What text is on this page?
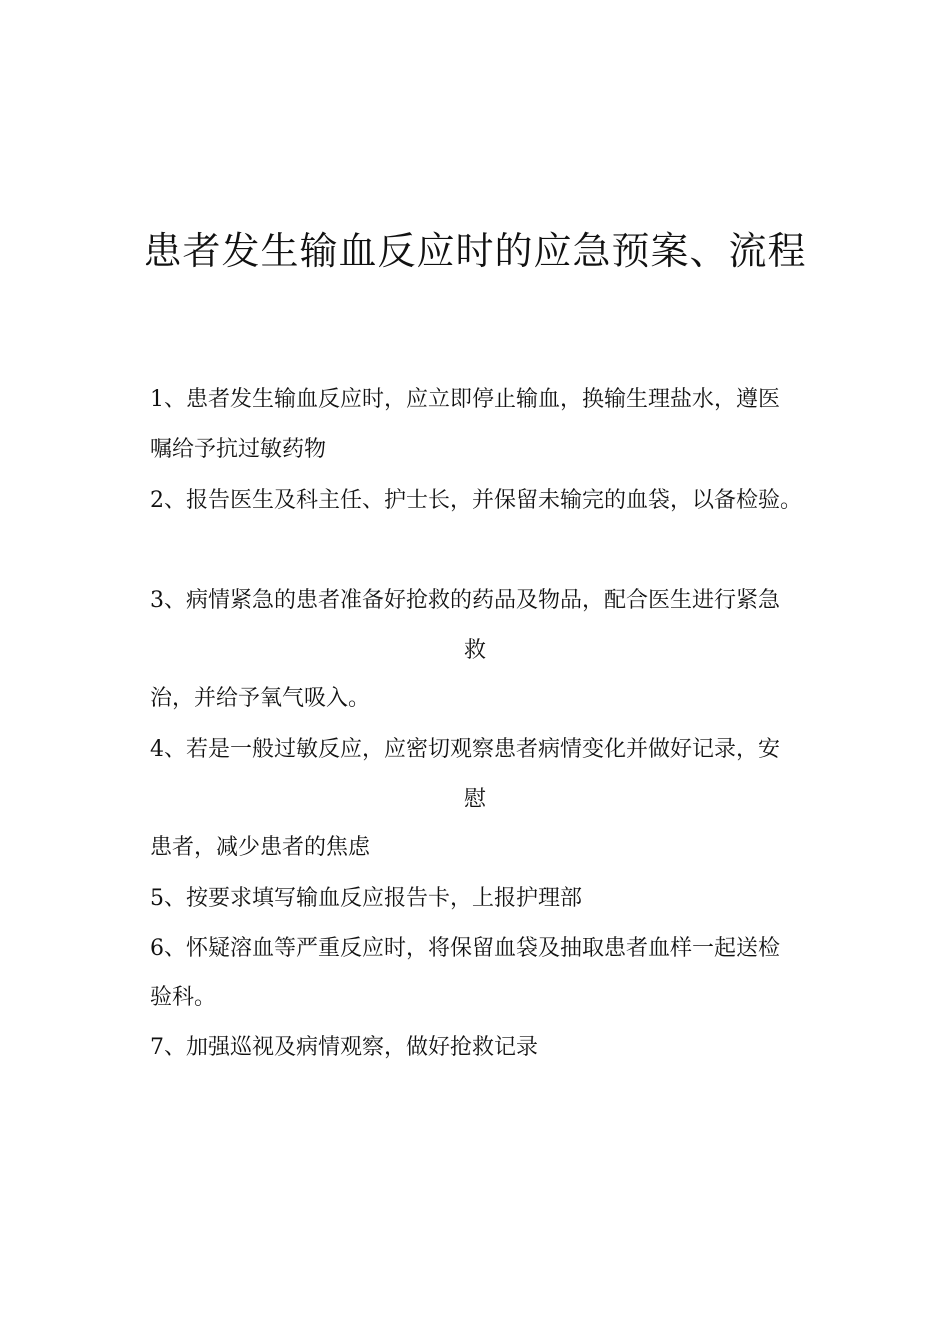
患者发生输血反应时的应急预案、流程
1、患者发生输血反应时，应立即停止输血，换输生理盐水，遵医
嘱给予抗过敏药物
2、报告医生及科主任、护士长，并保留未输完的血袋，以备检验。
3、病情紧急的患者准备好抢救的药品及物品，配合医生进行紧急
救
治，并给予氧气吸入。
4、若是一般过敏反应，应密切观察患者病情变化并做好记录，安
慰
患者，减少患者的焦虑
5、按要求填写输血反应报告卡，上报护理部
6、怀疑溶血等严重反应时，将保留血袋及抽取患者血样一起送检
验科。
7、加强巡视及病情观察，做好抢救记录
